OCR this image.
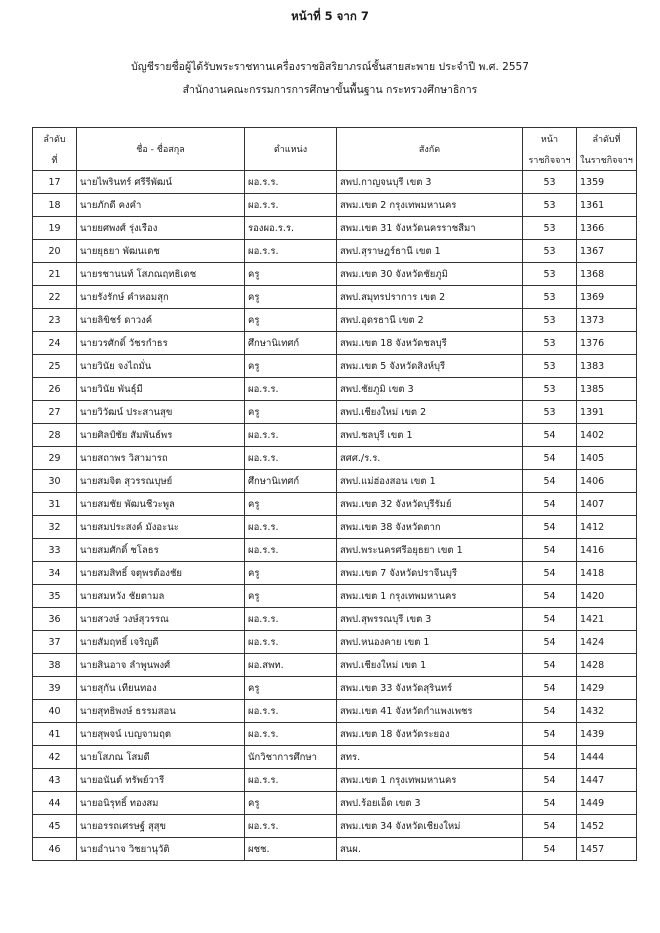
หน้าที่ 5 จาก 7
บัญชีรายชื่อผู้ได้รับพระราชทานเครื่องราชอิสริยาภรณ์ชั้นสายสะพาย ประจำปี พ.ศ. 2557
สำนักงานคณะกรรมการการศึกษาขั้นพื้นฐาน กระทรวงศึกษาธิการ
ลำดับ	ชื่อ - ชื่อสกุล	ตำแหน่ง	สังกัด	หน้า	ลำดับที่
ที่				ราชกิจจาฯ	ในราชกิจจาฯ
17	นายไพรินทร์ ศรีรีพัฒน์	ผอ.ร.ร.	สพป.กาญจนบุรี เขต 3	53	1359
18	นายภักดี คงคำ	ผอ.ร.ร.	สพม.เขต 2 กรุงเทพมหานคร	53	1361
19	นายยศพงศ์ รุ่งเรือง	รองผอ.ร.ร.	สพม.เขต 31 จังหวัดนครราชสีมา	53	1366
20	นายยุธยา พัฒนเดช	ผอ.ร.ร.	สพป.สุราษฎร์ธานี เขต 1	53	1367
21	นายรชานนท์ โสภณฤทธิเดช	ครู	สพม.เขต 30 จังหวัดชัยภูมิ	53	1368
22	นายรังรักษ์ คำหอมสุก	ครู	สพป.สมุทรปราการ เขต 2	53	1369
23	นายลิขิชร์ ดาวงค์	ครู	สพป.อุดรธานี เขต 2	53	1373
24	นายวรศักดิ์ วัชรกำธร	ศึกษานิเทศก์	สพม.เขต 18 จังหวัดชลบุรี	53	1376
25	นายวินัย จงไถมั่น	ครู	สพม.เขต 5 จังหวัดสิงห์บุรี	53	1383
26	นายวินัย พันธุ์มี	ผอ.ร.ร.	สพป.ชัยภูมิ เขต 3	53	1385
27	นายวิวัฒน์ ประสานสุข	ครู	สพป.เชียงใหม่ เขต 2	53	1391
28	นายศิลป์ชัย สัมพันธ์พร	ผอ.ร.ร.	สพป.ชลบุรี เขต 1	54	1402
29	นายสถาพร วิสามารถ	ผอ.ร.ร.	สศศ./ร.ร.	54	1405
30	นายสมจิต สุวรรณบุษย์	ศึกษานิเทศก์	สพป.แม่ฮ่องสอน เขต 1	54	1406
31	นายสมชัย พัฒนชีวะพูล	ครู	สพม.เขต 32 จังหวัดบุรีรัมย์	54	1407
32	นายสมประสงค์ มังอะนะ	ผอ.ร.ร.	สพม.เขต 38 จังหวัดตาก	54	1412
33	นายสมศักดิ์ ชโลธร	ผอ.ร.ร.	สพป.พระนครศรีอยุธยา เขต 1	54	1416
34	นายสมสิทธิ์ จตุพรต้องชัย	ครู	สพม.เขต 7 จังหวัดปราจีนบุรี	54	1418
35	นายสมหวัง ชัยตามล	ครู	สพม.เขต 1 กรุงเทพมหานคร	54	1420
36	นายสวงษ์ วงษ์สุวรรณ	ผอ.ร.ร.	สพป.สุพรรณบุรี เขต 3	54	1421
37	นายสัมฤทธิ์ เจริญดี	ผอ.ร.ร.	สพป.หนองคาย เขต 1	54	1424
38	นายสินอาจ ลำพูนพงศ์	ผอ.สพท.	สพป.เชียงใหม่ เขต 1	54	1428
39	นายสุกัน เทียนทอง	ครู	สพม.เขต 33 จังหวัดสุรินทร์	54	1429
40	นายสุทธิพงษ์ ธรรมสอน	ผอ.ร.ร.	สพม.เขต 41 จังหวัดกำแพงเพชร	54	1432
41	นายสุพจน์ เบญจามฤต	ผอ.ร.ร.	สพม.เขต 18 จังหวัดระยอง	54	1439
42	นายโสภณ โสมดี	นักวิชาการศึกษา	สทร.	54	1444
43	นายอนันต์ ทรัพย์วารี	ผอ.ร.ร.	สพม.เขต 1 กรุงเทพมหานคร	54	1447
44	นายอนิรุทธิ์ ทองสม	ครู	สพป.ร้อยเอ็ด เขต 3	54	1449
45	นายอรรถเศรษฐ์ สุสุข	ผอ.ร.ร.	สพม.เขต 34 จังหวัดเชียงใหม่	54	1452
46	นายอำนาจ วิชยานุวัติ	ผชช.	สนผ.	54	1457
